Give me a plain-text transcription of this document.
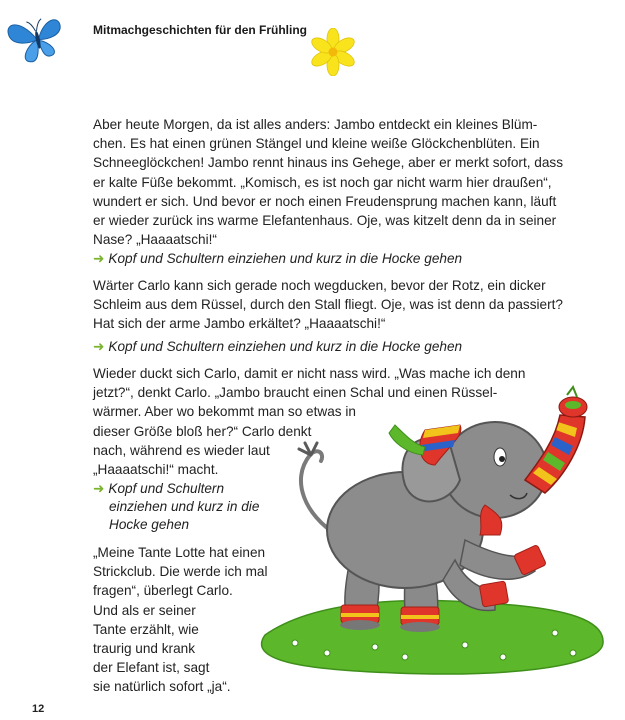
Mitmachgeschichten für den Frühling
Aber heute Morgen, da ist alles anders: Jambo entdeckt ein kleines Blüm-
chen. Es hat einen grünen Stängel und kleine weiße Glöckchenblüten. Ein
Schneeglöckchen! Jambo rennt hinaus ins Gehege, aber er merkt sofort, dass
er kalte Füße bekommt. „Komisch, es ist noch gar nicht warm hier draußen“,
wundert er sich. Und bevor er noch einen Freudensprung machen kann, läuft
er wieder zurück ins warme Elefantenhaus. Oje, was kitzelt denn da in seiner
Nase? „Haaaatschi!“
➜ Kopf und Schultern einziehen und kurz in die Hocke gehen
Wärter Carlo kann sich gerade noch wegducken, bevor der Rotz, ein dicker
Schleim aus dem Rüssel, durch den Stall fliegt. Oje, was ist denn da passiert?
Hat sich der arme Jambo erkältet? „Haaaatschi!“
➜ Kopf und Schultern einziehen und kurz in die Hocke gehen
Wieder duckt sich Carlo, damit er nicht nass wird. „Was mache ich denn
jetzt?“, denkt Carlo. „Jambo braucht einen Schal und einen Rüssel-
wärmer. Aber wo bekommt man so etwas in
dieser Größe bloß her?“ Carlo denkt
nach, während es wieder laut
„Haaaatschi!“ macht.
➜ Kopf und Schultern
einziehen und kurz in die
Hocke gehen
„Meine Tante Lotte hat einen
Strickclub. Die werde ich mal
fragen“, überlegt Carlo.
Und als er seiner
Tante erzählt, wie
traurig und krank
der Elefant ist, sagt
sie natürlich sofort „ja“.
12
